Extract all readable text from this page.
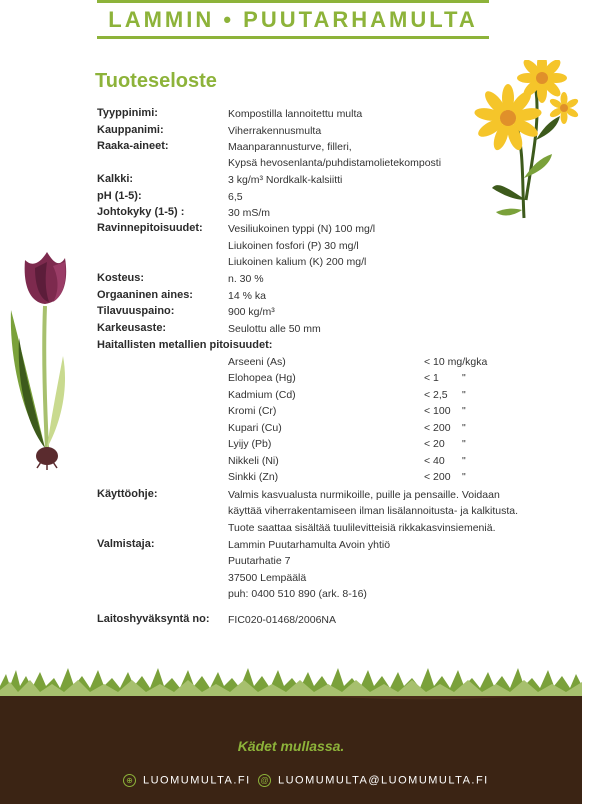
LAMMIN • PUUTARHAMULTA
Tuoteseloste
Tyyppinimi:	Kompostilla lannoitettu multa
Kauppanimi:	Viherrakennusmulta
Raaka-aineet:	Maanparannusturve, filleri,
Kypsä hevosenlanta/puhdistamolietekomposti
Kalkki:	3 kg/m³ Nordkalk-kalsiitti
pH (1-5):	6,5
Johtokyky (1-5) :	30 mS/m
Ravinnepitoisuudet: Vesiliukoinen typpi (N) 100 mg/l
Liukoinen fosfori (P) 30 mg/l
Liukoinen kalium (K) 200 mg/l
Kosteus:	n. 30 %
Orgaaninen aines:	14 % ka
Tilavuuspaino:	900 kg/m³
Karkeusaste:	Seulottu alle 50 mm
Haitallisten metallien pitoisuudet:
Arseeni (As)	< 10 mg/kgka
Elohopea (Hg)	< 1 "
Kadmium (Cd)	< 2,5 "
Kromi (Cr)	< 100 "
Kupari (Cu)	< 200 "
Lyijy (Pb)	< 20 "
Nikkeli (Ni)	< 40 "
Sinkki (Zn)	< 200 "
Käyttöohje:	Valmis kasvualusta nurmikoille, puille ja pensaille. Voidaan
käyttää viherrakentamiseen ilman lisälannoitusta- ja kalkitusta.
Tuote saattaa sisältää tuulilevitteisiä rikkakasvinsiemeniä.
Valmistaja:	Lammin Puutarhamulta Avoin yhtiö
Puutarhatie 7
37500 Lempäälä
puh: 0400 510 890 (ark. 8-16)
Laitoshyväksyntä no: FIC020-01468/2006NA
Kädet mullassa.
⊕ LUOMUMULTA.FI	@ LUOMUMULTA@LUOMUMULTA.FI
